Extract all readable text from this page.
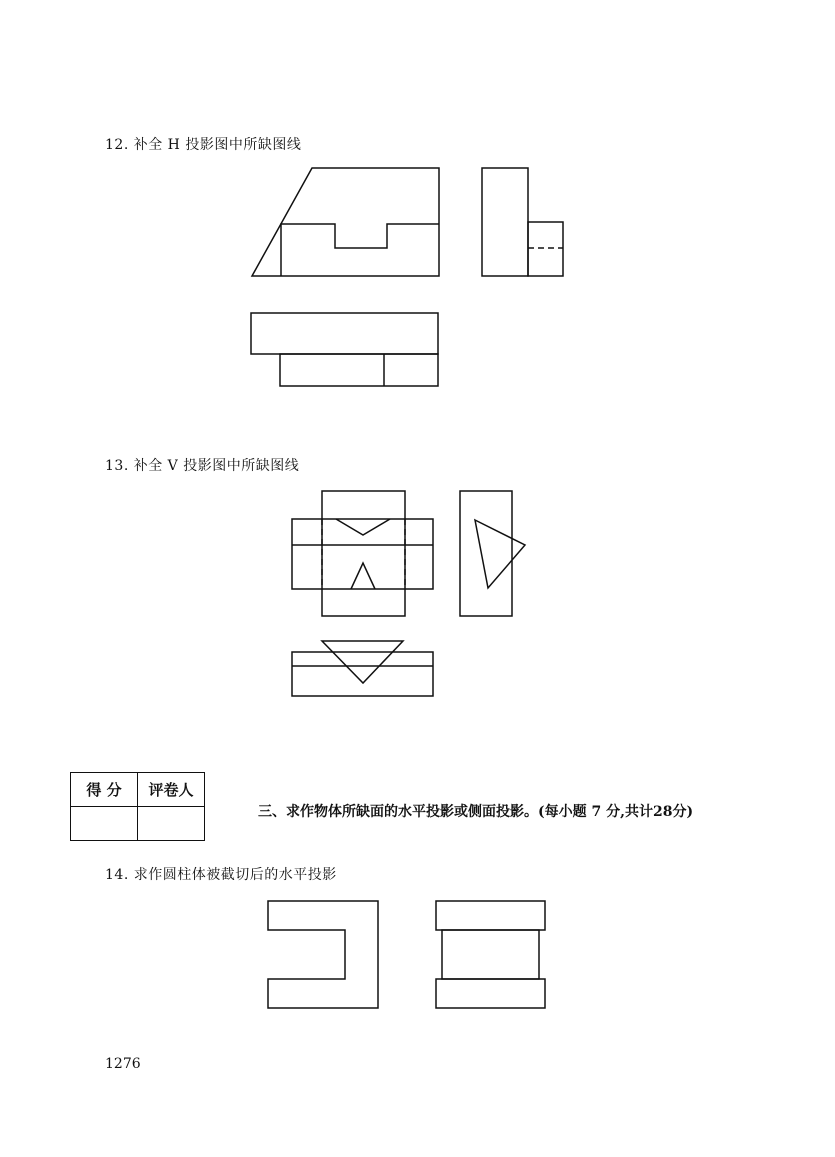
12. 补全 H 投影图中所缺图线
13. 补全 V 投影图中所缺图线
得 分	评卷人

三、求作物体所缺面的水平投影或侧面投影。(每小题 7 分,共计28分)
14. 求作圆柱体被截切后的水平投影
1276
